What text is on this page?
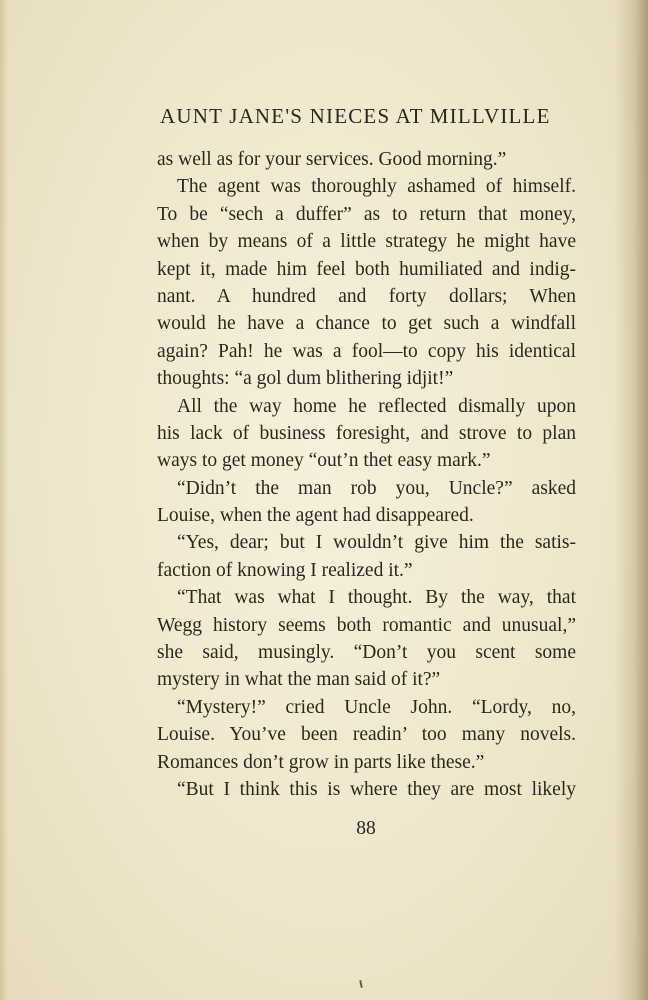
AUNT JANE'S NIECES AT MILLVILLE
as well as for your services. Good morning.”
The agent was thoroughly ashamed of himself.
To be “sech a duffer” as to return that money,
when by means of a little strategy he might have
kept it, made him feel both humiliated and indig-
nant. A hundred and forty dollars; When
would he have a chance to get such a windfall
again? Pah! he was a fool—to copy his identical
thoughts: “a gol dum blithering idjit!”
All the way home he reflected dismally upon
his lack of business foresight, and strove to plan
ways to get money “out’n thet easy mark.”
“Didn’t the man rob you, Uncle?” asked
Louise, when the agent had disappeared.
“Yes, dear; but I wouldn’t give him the satis-
faction of knowing I realized it.”
“That was what I thought. By the way, that
Wegg history seems both romantic and unusual,”
she said, musingly. “Don’t you scent some
mystery in what the man said of it?”
“Mystery!” cried Uncle John. “Lordy, no,
Louise. You’ve been readin’ too many novels.
Romances don’t grow in parts like these.”
“But I think this is where they are most likely
88
